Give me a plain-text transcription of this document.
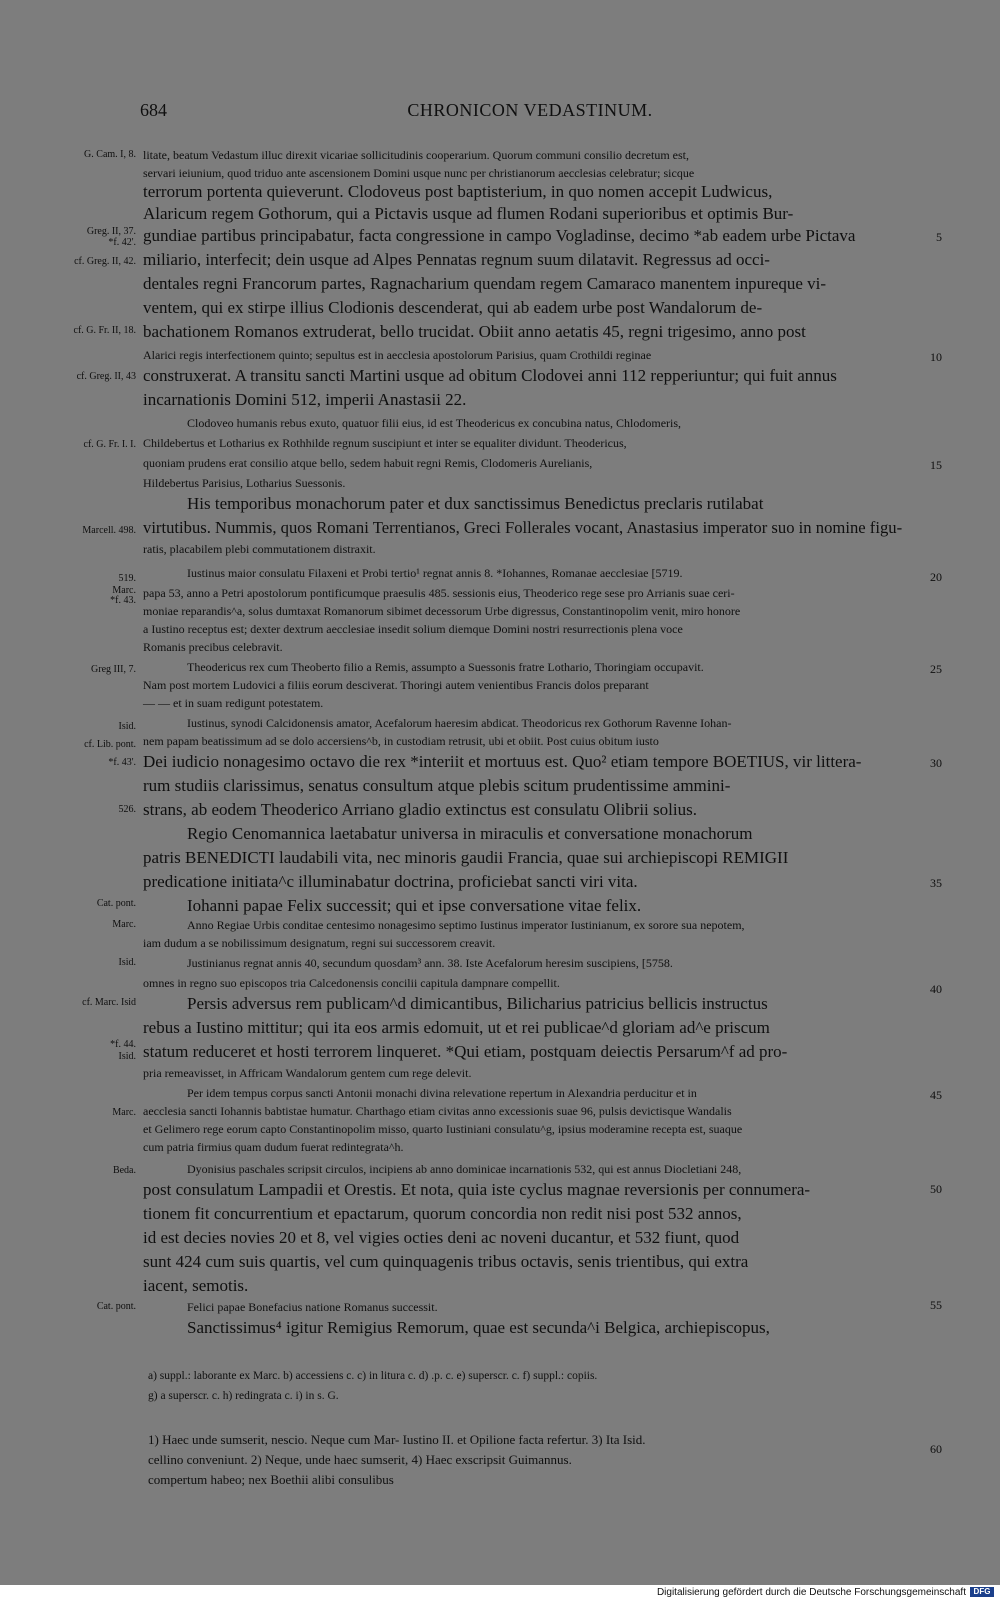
684	CHRONICON VEDASTINUM.
G. Cam. I, 8.
Greg. II, 37.
*f. 42'.
cf. Greg. II, 42.
cf. G. Fr. II, 18.
cf. Greg. II, 43
cf. G. Fr. I. I.
Marcell. 498.
519.
Marc.
*f. 43.
Greg III, 7.
Isid.
cf. Lib. pont.
*f. 43'.
526.
Cat. pont.
Marc.
Isid.
cf. Marc. Isid
*f. 44.
Isid.
Marc.
Beda.
Cat. pont.
5
10
15
20
25
30
35
40
45
50
55
60
litate, beatum Vedastum illuc direxit vicariae sollicitudinis cooperarium. Quorum communi consilio decretum est,
servari ieiunium, quod triduo ante ascensionem Domini usque nunc per christianorum aecclesias celebratur; sicque
terrorum portenta quieverunt. Clodoveus post baptisterium, in quo nomen accepit Ludwicus,
Alaricum regem Gothorum, qui a Pictavis usque ad flumen Rodani superioribus et optimis Bur-
gundiae partibus principabatur, facta congressione in campo Vogladinse, decimo *ab eadem urbe Pictava
miliario, interfecit; dein usque ad Alpes Pennatas regnum suum dilatavit. Regressus ad occi-
dentales regni Francorum partes, Ragnacharium quendam regem Camaraco manentem inpureque vi-
ventem, qui ex stirpe illius Clodionis descenderat, qui ab eadem urbe post Wandalorum de-
bachationem Romanos extruderat, bello trucidat. Obiit anno aetatis 45, regni trigesimo, anno post
Alarici regis interfectionem quinto; sepultus est in aecclesia apostolorum Parisius, quam Crothildi reginae
construxerat. A transitu sancti Martini usque ad obitum Clodovei anni 112 repperiuntur; qui fuit annus
incarnationis Domini 512, imperii Anastasii 22.
Clodoveo humanis rebus exuto, quatuor filii eius, id est Theodericus ex concubina natus, Chlodomeris,
Childebertus et Lotharius ex Rothhilde regnum suscipiunt et inter se equaliter dividunt. Theodericus,
quoniam prudens erat consilio atque bello, sedem habuit regni Remis, Clodomeris Aurelianis,
Hildebertus Parisius, Lotharius Suessonis.
His temporibus monachorum pater et dux sanctissimus Benedictus preclaris rutilabat
virtutibus. Nummis, quos Romani Terrentianos, Greci Follerales vocant, Anastasius imperator suo in nomine figu-
ratis, placabilem plebi commutationem distraxit.
Iustinus maior consulatu Filaxeni et Probi tertio¹ regnat annis 8. *Iohannes, Romanae aecclesiae [5719.
papa 53, anno a Petri apostolorum pontificumque praesulis 485. sessionis eius, Theoderico rege sese pro Arrianis suae ceri-
moniae reparandis^a, solus dumtaxat Romanorum sibimet decessorum Urbe digressus, Constantinopolim venit, miro honore
a Iustino receptus est; dexter dextrum aecclesiae insedit solium diemque Domini nostri resurrectionis plena voce
Romanis precibus celebravit.
Theodericus rex cum Theoberto filio a Remis, assumpto a Suessonis fratre Lothario, Thoringiam occupavit.
Nam post mortem Ludovici a filiis eorum desciverat. Thoringi autem venientibus Francis dolos preparant
— — et in suam redigunt potestatem.
Iustinus, synodi Calcidonensis amator, Acefalorum haeresim abdicat. Theodoricus rex Gothorum Ravenne Iohan-
nem papam beatissimum ad se dolo accersiens^b, in custodiam retrusit, ubi et obiit. Post cuius obitum iusto
Dei iudicio nonagesimo octavo die rex *interiit et mortuus est. Quo² etiam tempore BOETIUS, vir littera-
rum studiis clarissimus, senatus consultum atque plebis scitum prudentissime ammini-
strans, ab eodem Theoderico Arriano gladio extinctus est consulatu Olibrii solius.
Regio Cenomannica laetabatur universa in miraculis et conversatione monachorum
patris BENEDICTI laudabili vita, nec minoris gaudii Francia, quae sui archiepiscopi REMIGII
predicatione initiata^c illuminabatur doctrina, proficiebat sancti viri vita.
Iohanni papae Felix successit; qui et ipse conversatione vitae felix.
Anno Regiae Urbis conditae centesimo nonagesimo septimo Iustinus imperator Iustinianum, ex sorore sua nepotem,
iam dudum a se nobilissimum designatum, regni sui successorem creavit.
Justinianus regnat annis 40, secundum quosdam³ ann. 38. Iste Acefalorum heresim suscipiens, [5758.
omnes in regno suo episcopos tria Calcedonensis concilii capitula dampnare compellit.
Persis adversus rem publicam^d dimicantibus, Bilicharius patricius bellicis instructus
rebus a Iustino mittitur; qui ita eos armis edomuit, ut et rei publicae^d gloriam ad^e priscum
statum reduceret et hosti terrorem linqueret. *Qui etiam, postquam deiectis Persarum^f ad pro-
pria remeavisset, in Affricam Wandalorum gentem cum rege delevit.
Per idem tempus corpus sancti Antonii monachi divina relevatione repertum in Alexandria perducitur et in
aecclesia sancti Iohannis babtistae humatur. Charthago etiam civitas anno excessionis suae 96, pulsis devictisque Wandalis
et Gelimero rege eorum capto Constantinopolim misso, quarto Iustiniani consulatu^g, ipsius moderamine recepta est, suaque
cum patria firmius quam dudum fuerat redintegrata^h.
Dyonisius paschales scripsit circulos, incipiens ab anno dominicae incarnationis 532, qui est annus Diocletiani 248,
post consulatum Lampadii et Orestis. Et nota, quia iste cyclus magnae reversionis per connumera-
tionem fit concurrentium et epactarum, quorum concordia non redit nisi post 532 annos,
id est decies novies 20 et 8, vel vigies octies deni ac noveni ducantur, et 532 fiunt, quod
sunt 424 cum suis quartis, vel cum quinquagenis tribus octavis, senis trientibus, qui extra
iacent, semotis.
Felici papae Bonefacius natione Romanus successit.
Sanctissimus⁴ igitur Remigius Remorum, quae est secunda^i Belgica, archiepiscopus,
a) suppl.: laborante ex Marc. b) accessiens c. c) in litura c. d) .p. c. e) superscr. c. f) suppl.: copiis.
g) a superscr. c. h) redingrata c. i) in s. G.
1) Haec unde sumserit, nescio. Neque cum Mar- Iustino II. et Opilione facta refertur. 3) Ita Isid.
cellino conveniunt. 2) Neque, unde haec sumserit, 4) Haec exscripsit Guimannus.
compertum habeo; nex Boethii alibi consulibus
Digitalisierung gefördert durch die Deutsche Forschungsgemeinschaft DFG
